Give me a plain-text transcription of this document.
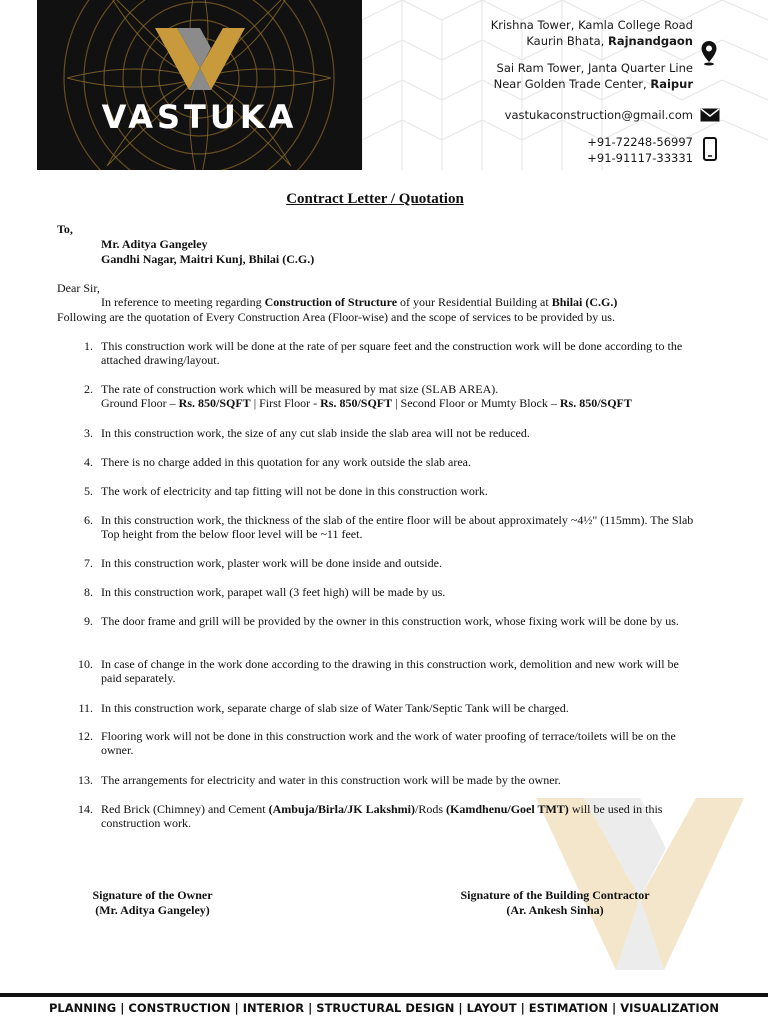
VASTUKA
Krishna Tower, Kamla College Road
Kaurin Bhata, Rajnandgaon
Sai Ram Tower, Janta Quarter Line
Near Golden Trade Center, Raipur
vastukaconstruction@gmail.com
+91-72248-56997
+91-91117-33331
Contract Letter / Quotation
To,
Mr. Aditya Gangeley
Gandhi Nagar, Maitri Kunj, Bhilai (C.G.)
Dear Sir,
In reference to meeting regarding Construction of Structure of your Residential Building at Bhilai (C.G.)
Following are the quotation of Every Construction Area (Floor-wise) and the scope of services to be provided by us.
1. This construction work will be done at the rate of per square feet and the construction work will be done according to the attached drawing/layout.
2. The rate of construction work which will be measured by mat size (SLAB AREA).
Ground Floor – Rs. 850/SQFT | First Floor - Rs. 850/SQFT | Second Floor or Mumty Block – Rs. 850/SQFT
3. In this construction work, the size of any cut slab inside the slab area will not be reduced.
4. There is no charge added in this quotation for any work outside the slab area.
5. The work of electricity and tap fitting will not be done in this construction work.
6. In this construction work, the thickness of the slab of the entire floor will be about approximately ~4½" (115mm). The Slab Top height from the below floor level will be ~11 feet.
7. In this construction work, plaster work will be done inside and outside.
8. In this construction work, parapet wall (3 feet high) will be made by us.
9. The door frame and grill will be provided by the owner in this construction work, whose fixing work will be done by us.
10. In case of change in the work done according to the drawing in this construction work, demolition and new work will be paid separately.
11. In this construction work, separate charge of slab size of Water Tank/Septic Tank will be charged.
12. Flooring work will not be done in this construction work and the work of water proofing of terrace/toilets will be on the owner.
13. The arrangements for electricity and water in this construction work will be made by the owner.
14. Red Brick (Chimney) and Cement (Ambuja/Birla/JK Lakshmi)/Rods (Kamdhenu/Goel TMT) will be used in this construction work.
Signature of the Owner
(Mr. Aditya Gangeley)
Signature of the Building Contractor
(Ar. Ankesh Sinha)
PLANNING | CONSTRUCTION | INTERIOR | STRUCTURAL DESIGN | LAYOUT | ESTIMATION | VISUALIZATION
